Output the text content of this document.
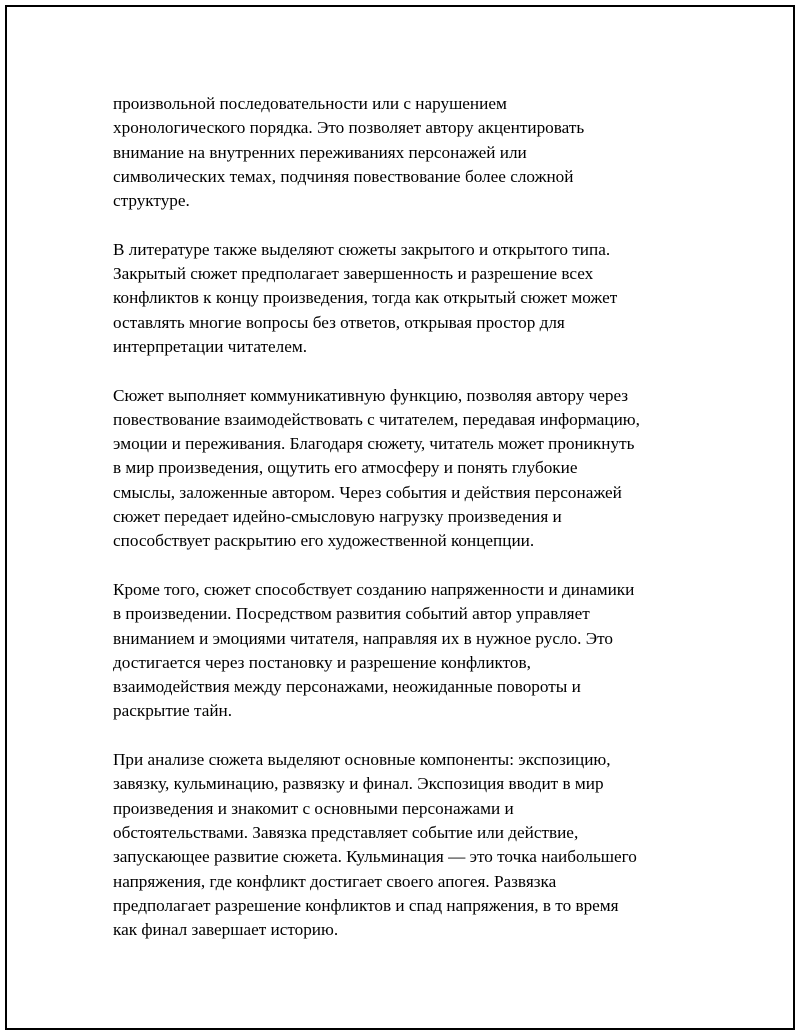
произвольной последовательности или с нарушением
хронологического порядка. Это позволяет автору акцентировать
внимание на внутренних переживаниях персонажей или
символических темах, подчиняя повествование более сложной
структуре.

В литературе также выделяют сюжеты закрытого и открытого типа.
Закрытый сюжет предполагает завершенность и разрешение всех
конфликтов к концу произведения, тогда как открытый сюжет может
оставлять многие вопросы без ответов, открывая простор для
интерпретации читателем.

Сюжет выполняет коммуникативную функцию, позволяя автору через
повествование взаимодействовать с читателем, передавая информацию,
эмоции и переживания. Благодаря сюжету, читатель может проникнуть
в мир произведения, ощутить его атмосферу и понять глубокие
смыслы, заложенные автором. Через события и действия персонажей
сюжет передает идейно-смысловую нагрузку произведения и
способствует раскрытию его художественной концепции.

Кроме того, сюжет способствует созданию напряженности и динамики
в произведении. Посредством развития событий автор управляет
вниманием и эмоциями читателя, направляя их в нужное русло. Это
достигается через постановку и разрешение конфликтов,
взаимодействия между персонажами, неожиданные повороты и
раскрытие тайн.

При анализе сюжета выделяют основные компоненты: экспозицию,
завязку, кульминацию, развязку и финал. Экспозиция вводит в мир
произведения и знакомит с основными персонажами и
обстоятельствами. Завязка представляет событие или действие,
запускающее развитие сюжета. Кульминация — это точка наибольшего
напряжения, где конфликт достигает своего апогея. Развязка
предполагает разрешение конфликтов и спад напряжения, в то время
как финал завершает историю.
